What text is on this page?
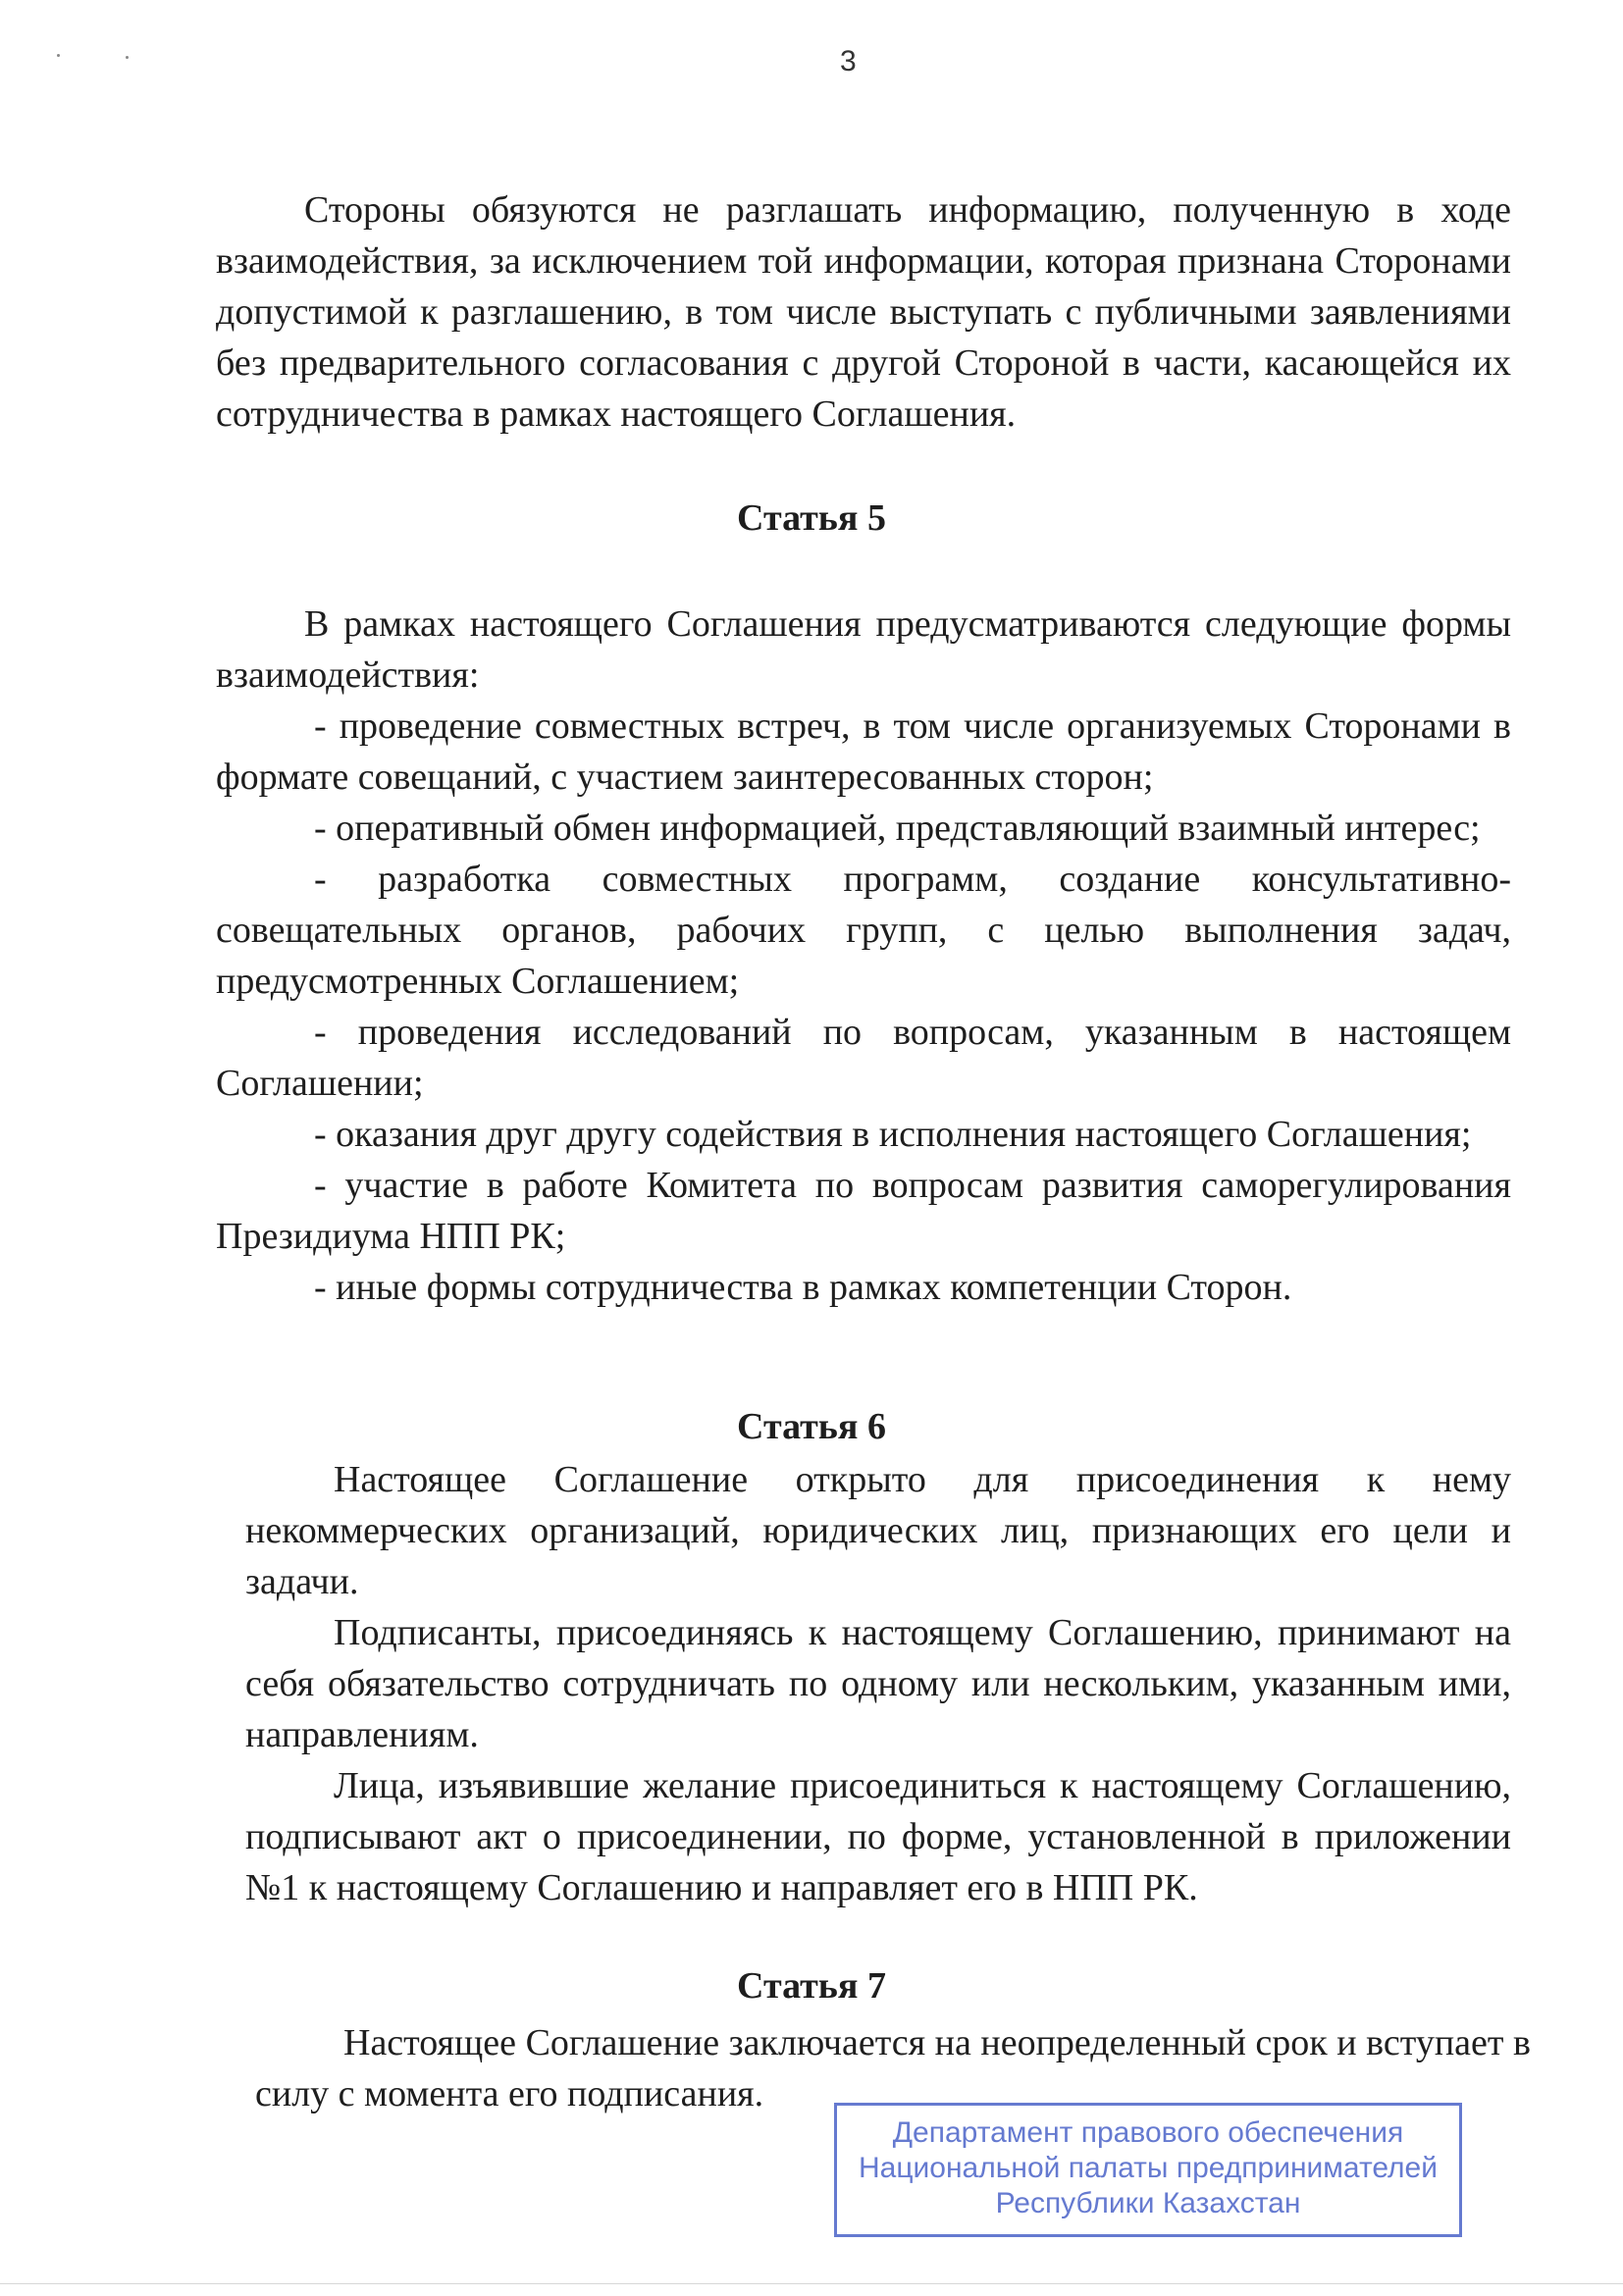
3

Стороны обязуются не разглашать информацию, полученную в ходе взаимодействия, за исключением той информации, которая признана Сторонами допустимой к разглашению, в том числе выступать с публичными заявлениями без предварительного согласования с другой Стороной в части, касающейся их сотрудничества в рамках настоящего Соглашения.

Статья 5

В рамках настоящего Соглашения предусматриваются следующие формы взаимодействия:

- проведение совместных встреч, в том числе организуемых Сторонами в формате совещаний, с участием заинтересованных сторон;

- оперативный обмен информацией, представляющий взаимный интерес;

- разработка совместных программ, создание консультативно-совещательных органов, рабочих групп, с целью выполнения задач, предусмотренных Соглашением;

- проведения исследований по вопросам, указанным в настоящем Соглашении;

- оказания друг другу содействия в исполнения настоящего Соглашения;

- участие в работе Комитета по вопросам развития саморегулирования Президиума НПП РК;

- иные формы сотрудничества в рамках компетенции Сторон.

Статья 6

Настоящее Соглашение открыто для присоединения к нему некоммерческих организаций, юридических лиц, признающих его цели и задачи.

Подписанты, присоединяясь к настоящему Соглашению, принимают на себя обязательство сотрудничать по одному или нескольким, указанным ими, направлениям.

Лица, изъявившие желание присоединиться к настоящему Соглашению, подписывают акт о присоединении, по форме, установленной в приложении №1 к настоящему Соглашению и направляет его в НПП РК.

Статья 7

Настоящее Соглашение заключается на неопределенный срок и вступает в силу с момента его подписания.

Департамент правового обеспечения
Национальной палаты предпринимателей
Республики Казахстан
